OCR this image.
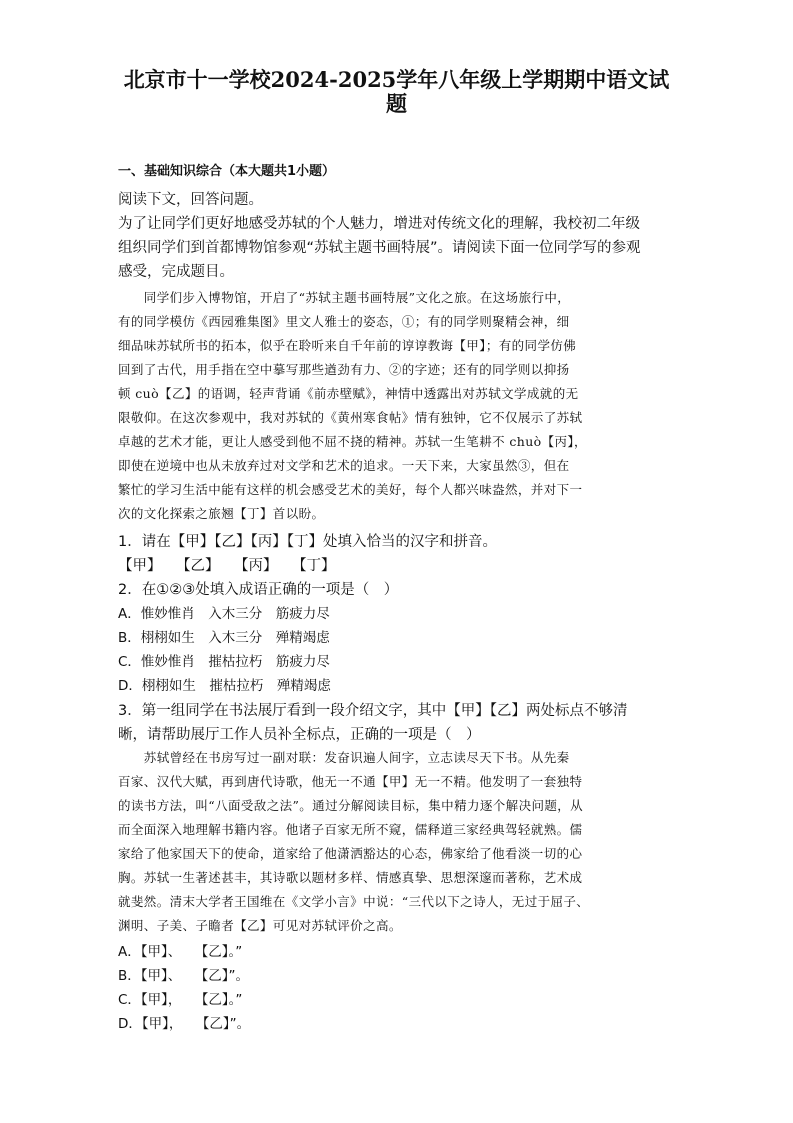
北京市十一学校2024-2025学年八年级上学期期中语文试
题
一、基础知识综合（本大题共1小题）
阅读下文，回答问题。
为了让同学们更好地感受苏轼的个人魅力，增进对传统文化的理解，我校初二年级
组织同学们到首都博物馆参观“苏轼主题书画特展”。请阅读下面一位同学写的参观
感受，完成题目。
　　同学们步入博物馆，开启了“苏轼主题书画特展”文化之旅。在这场旅行中，
有的同学模仿《西园雅集图》里文人雅士的姿态，①；有的同学则聚精会神，细
细品味苏轼所书的拓本，似乎在聆听来自千年前的谆谆教诲【甲】；有的同学仿佛
回到了古代，用手指在空中摹写那些遒劲有力、②的字迹；还有的同学则以抑扬
顿 cuò【乙】的语调，轻声背诵《前赤壁赋》，神情中透露出对苏轼文学成就的无
限敬仰。在这次参观中，我对苏轼的《黄州寒食帖》情有独钟，它不仅展示了苏轼
卓越的艺术才能，更让人感受到他不屈不挠的精神。苏轼一生笔耕不 chuò【丙】，
即使在逆境中也从未放弃过对文学和艺术的追求。一天下来，大家虽然③，但在
繁忙的学习生活中能有这样的机会感受艺术的美好，每个人都兴味盎然，并对下一
次的文化探索之旅翘【丁】首以盼。
1．请在【甲】【乙】【丙】【丁】处填入恰当的汉字和拼音。
【甲】　　【乙】　　【丙】　　【丁】
2．在①②③处填入成语正确的一项是（　）
A．惟妙惟肖　入木三分　筋疲力尽
B．栩栩如生　入木三分　殚精竭虑
C．惟妙惟肖　摧枯拉朽　筋疲力尽
D．栩栩如生　摧枯拉朽　殚精竭虑
3．第一组同学在书法展厅看到一段介绍文字，其中【甲】【乙】两处标点不够清
晰，请帮助展厅工作人员补全标点，正确的一项是（　）
　　苏轼曾经在书房写过一副对联：发奋识遍人间字，立志读尽天下书。从先秦
百家、汉代大赋，再到唐代诗歌，他无一不通【甲】无一不精。他发明了一套独特
的读书方法，叫“八面受敌之法”。通过分解阅读目标，集中精力逐个解决问题，从
而全面深入地理解书籍内容。他诸子百家无所不窥，儒释道三家经典驾轻就熟。儒
家给了他家国天下的使命，道家给了他潇洒豁达的心态，佛家给了他看淡一切的心
胸。苏轼一生著述甚丰，其诗歌以题材多样、情感真挚、思想深邃而著称，艺术成
就斐然。清末大学者王国维在《文学小言》中说：“三代以下之诗人，无过于屈子、
渊明、子美、子瞻者【乙】可见对苏轼评价之高。
A．【甲】、　　【乙】。”
B．【甲】、　　【乙】”。
C．【甲】，　　【乙】。”
D．【甲】，　　【乙】”。
